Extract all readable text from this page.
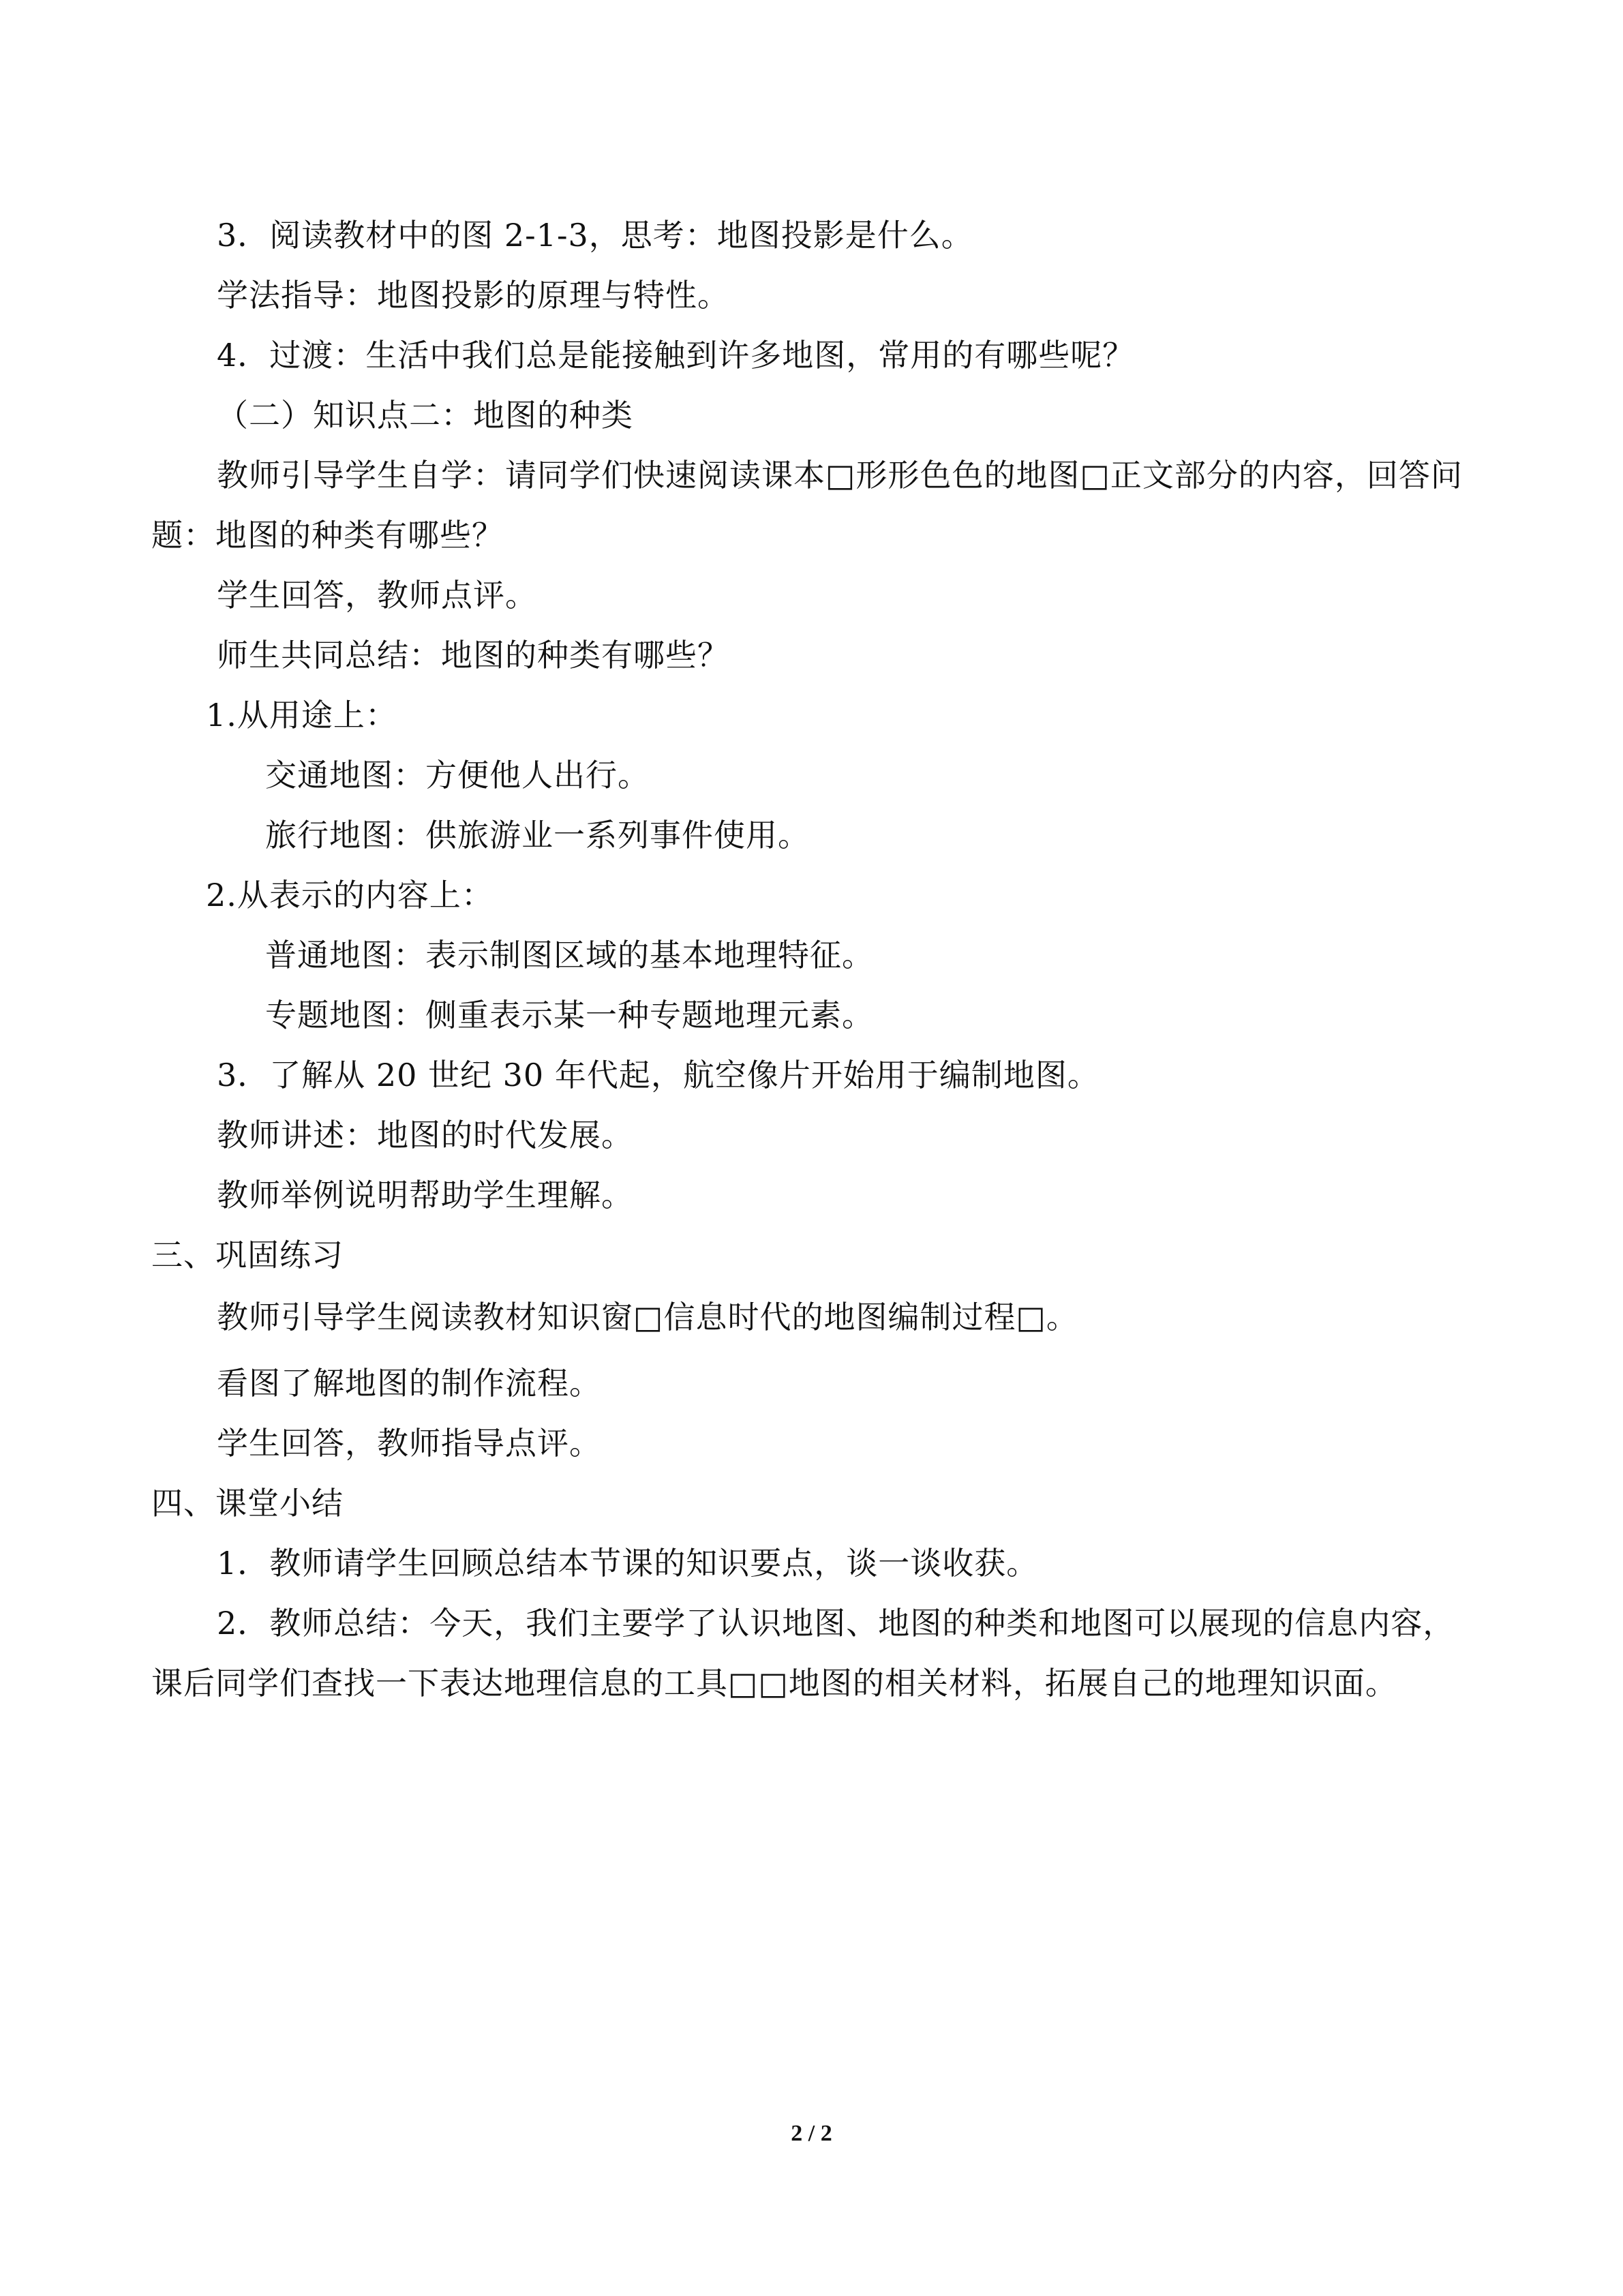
3．阅读教材中的图 2-1-3，思考：地图投影是什么。
学法指导：地图投影的原理与特性。
4．过渡：生活中我们总是能接触到许多地图，常用的有哪些呢？
（二）知识点二：地图的种类
教师引导学生自学：请同学们快速阅读课本□形形色色的地图□正文部分的内容，回答问
题：地图的种类有哪些？
学生回答，教师点评。
师生共同总结：地图的种类有哪些？
1.从用途上：
交通地图：方便他人出行。
旅行地图：供旅游业一系列事件使用。
2.从表示的内容上：
普通地图：表示制图区域的基本地理特征。
专题地图：侧重表示某一种专题地理元素。
3．了解从 20 世纪 30 年代起，航空像片开始用于编制地图。
教师讲述：地图的时代发展。
教师举例说明帮助学生理解。
三、巩固练习
教师引导学生阅读教材知识窗□信息时代的地图编制过程□。
看图了解地图的制作流程。
学生回答，教师指导点评。
四、课堂小结
1．教师请学生回顾总结本节课的知识要点，谈一谈收获。
2．教师总结：今天，我们主要学了认识地图、地图的种类和地图可以展现的信息内容，
课后同学们查找一下表达地理信息的工具□□地图的相关材料，拓展自己的地理知识面。
2 / 2
